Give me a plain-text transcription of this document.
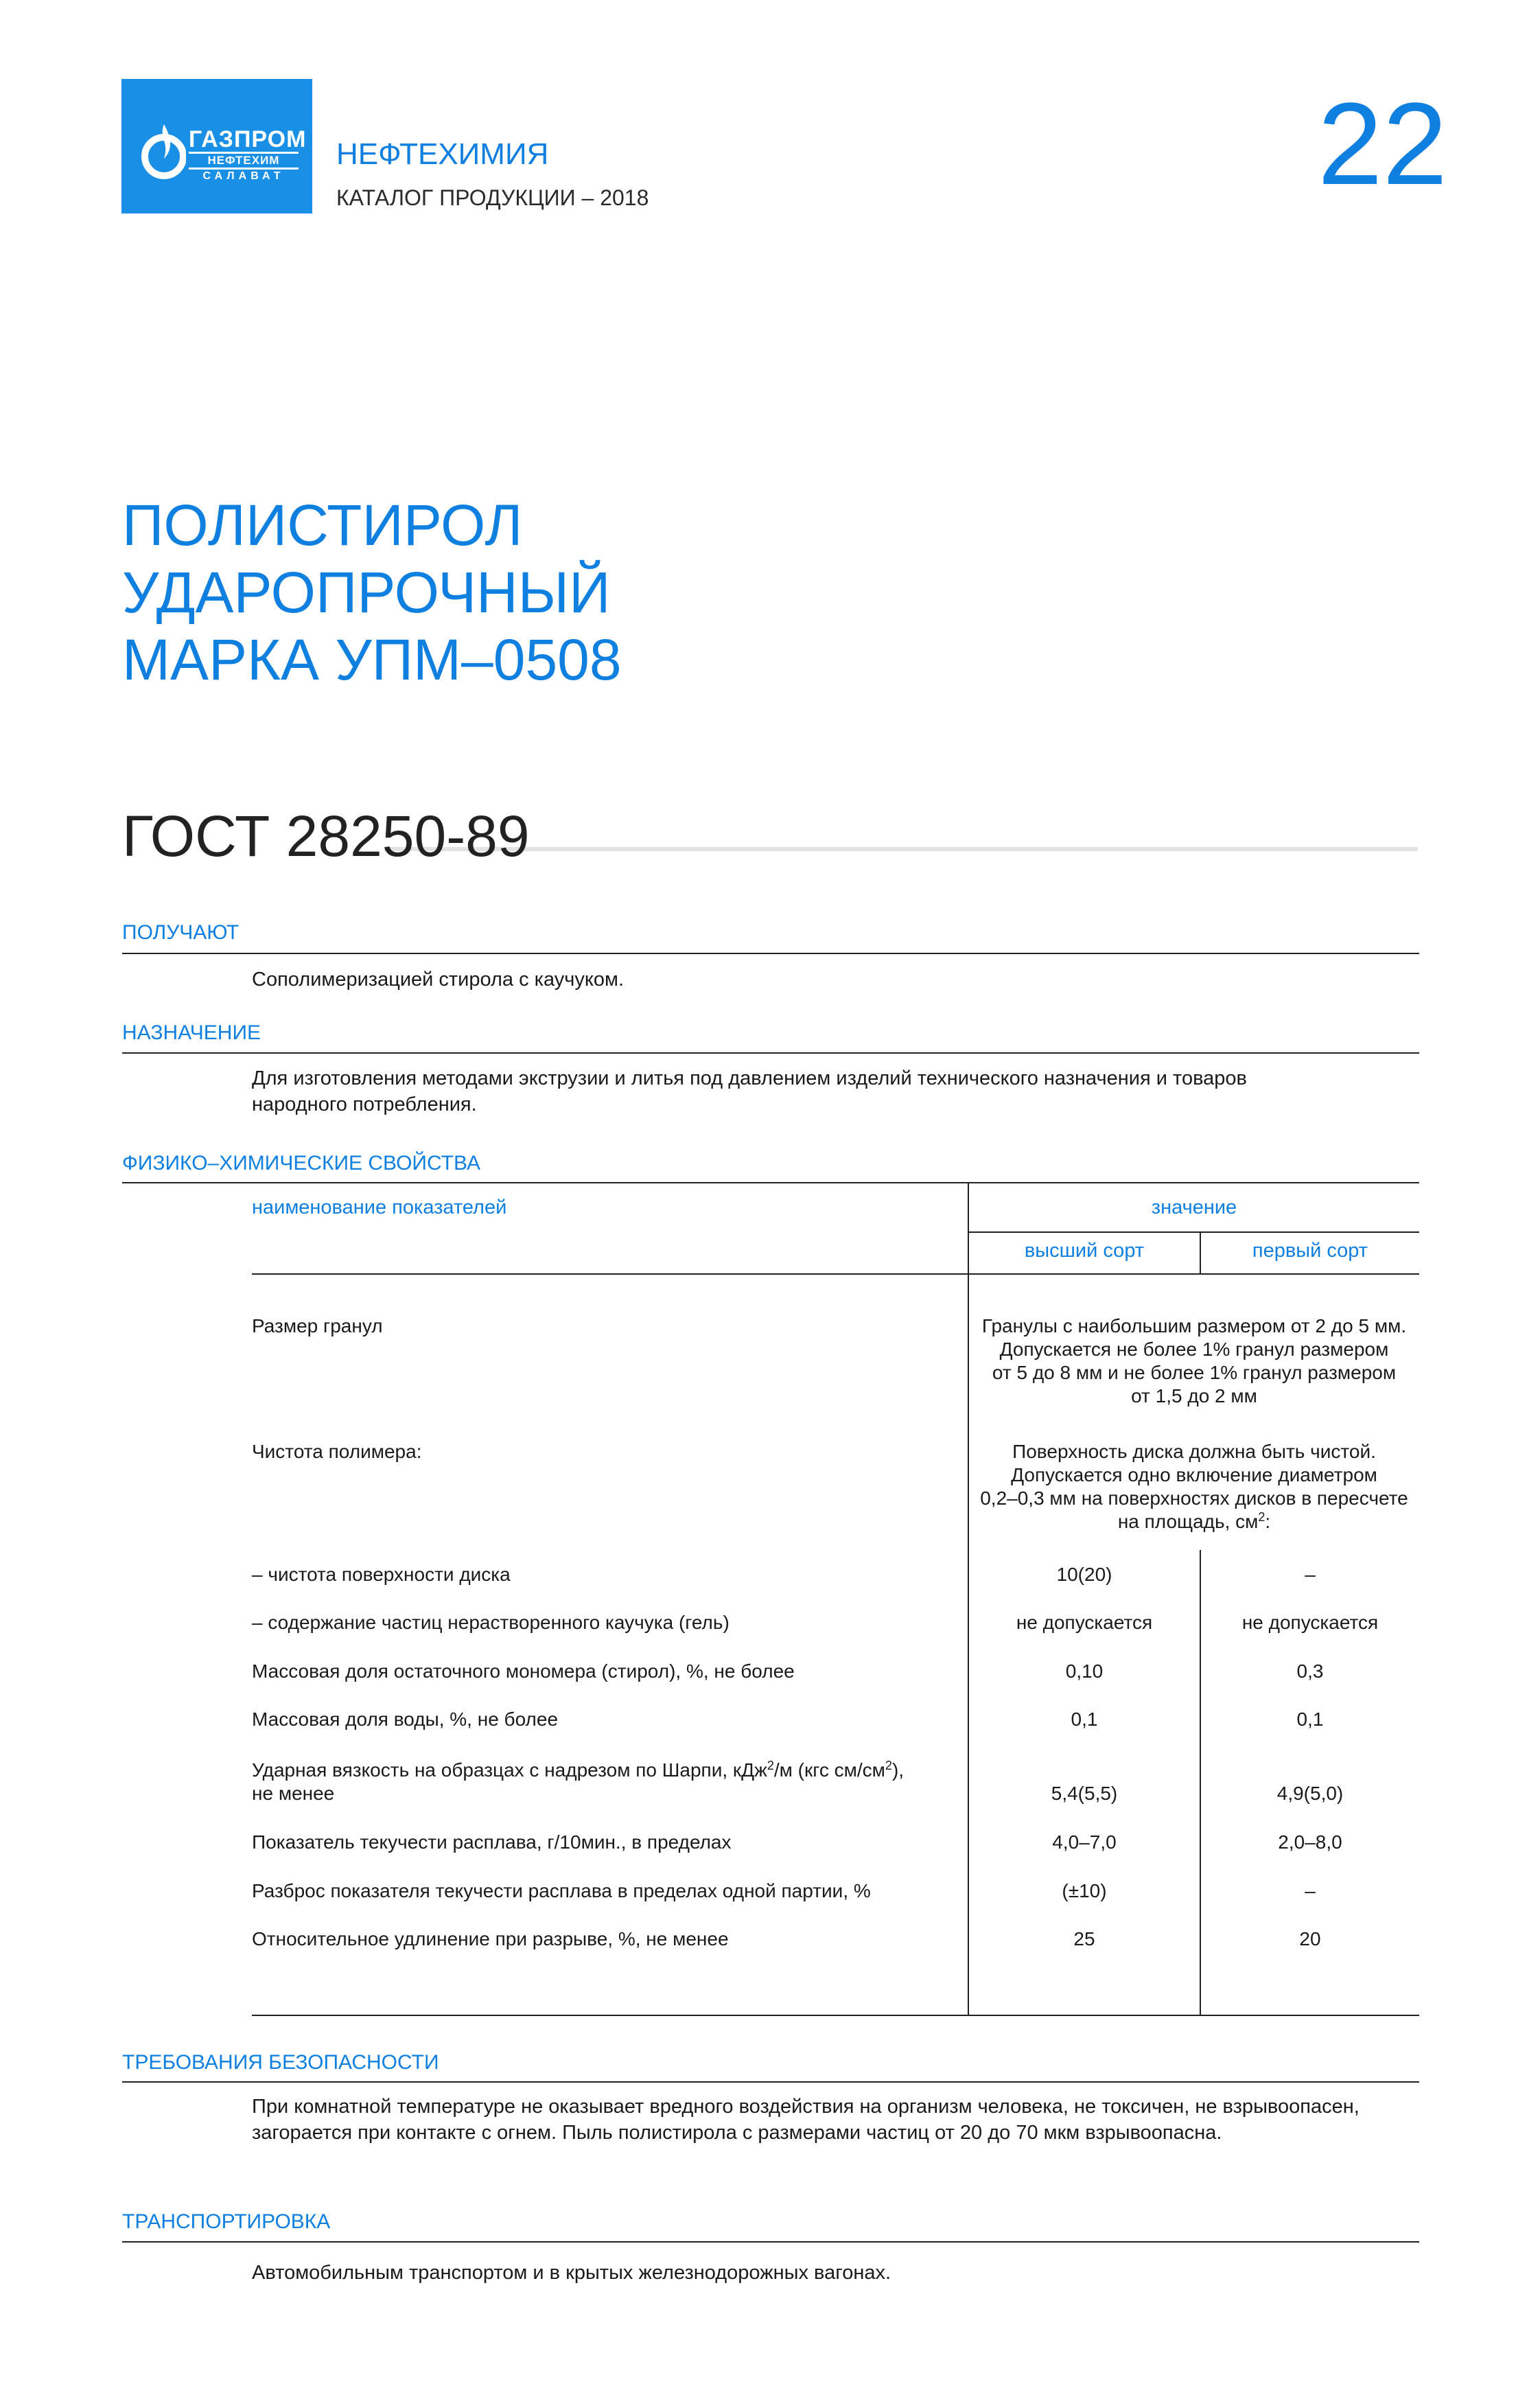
ГАЗПРОМ
НЕФТЕХИМ
САЛАВАТ
НЕФТЕХИМИЯ
КАТАЛОГ ПРОДУКЦИИ – 2018	22
ПОЛИСТИРОЛ
УДАРОПРОЧНЫЙ
МАРКА УПМ–0508
ГОСТ 28250-89
ПОЛУЧАЮТ
Сополимеризацией стирола с каучуком.
НАЗНАЧЕНИЕ
Для изготовления методами экструзии и литья под давлением изделий технического назначения и товаров
народного потребления.
ФИЗИКО–ХИМИЧЕСКИЕ СВОЙСТВА
наименование показателей	значение
высший сорт	первый сорт
Размер гранул	Гранулы с наибольшим размером от 2 до 5 мм.
Допускается не более 1% гранул размером
от 5 до 8 мм и не более 1% гранул размером
от 1,5 до 2 мм
Чистота полимера:	Поверхность диска должна быть чистой.
Допускается одно включение диаметром
0,2–0,3 мм на поверхностях дисков в пересчете
на площадь, $см^2$:
– чистота поверхности диска	10(20)	–
– содержание частиц нерастворенного каучука (гель)	не допускается	не допускается
Массовая доля остаточного мономера (стирол), %, не более	0,10	0,3
Массовая доля воды, %, не более	0,1	0,1
Ударная вязкость на образцах с надрезом по Шарпи, кДж$^2$/м (кгс $см/см^2$),
не менее	5,4(5,5)	4,9(5,0)
Показатель текучести расплава, г/10мин., в пределах	4,0–7,0	2,0–8,0
Разброс показателя текучести расплава в пределах одной партии, %	(±10)	–
Относительное удлинение при разрыве, %, не менее	25	20
ТРЕБОВАНИЯ БЕЗОПАСНОСТИ
При комнатной температуре не оказывает вредного воздействия на организм человека, не токсичен, не взрывоопасен,
загорается при контакте с огнем. Пыль полистирола с размерами частиц от 20 до 70 мкм взрывоопасна.
ТРАНСПОРТИРОВКА
Автомобильным транспортом и в крытых железнодорожных вагонах.
